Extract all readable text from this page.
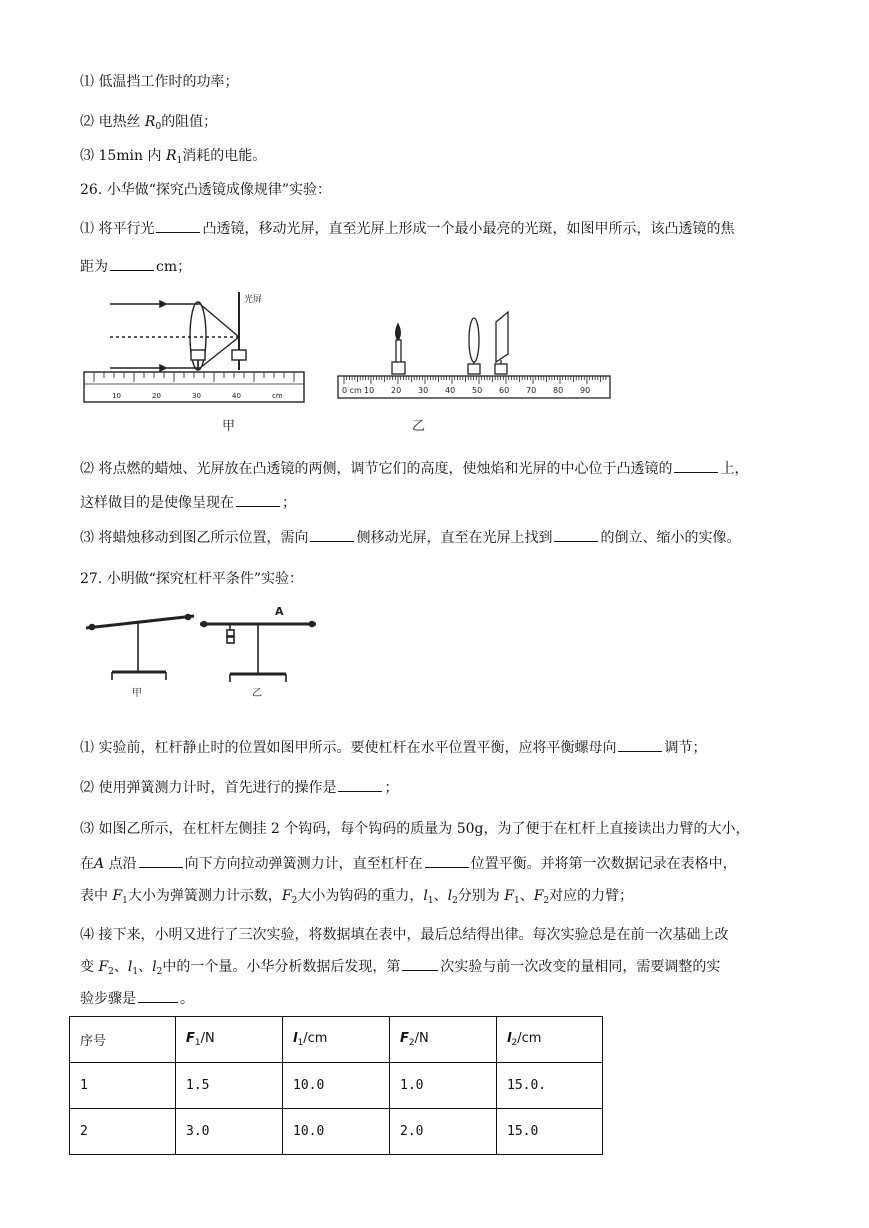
⑴ 低温挡工作时的功率；
⑵ 电热丝 $R_0$的阻值；
⑶ 15min 内 $R_1$消耗的电能。
26. 小华做“探究凸透镜成像规律”实验：
⑴ 将平行光	凸透镜，移动光屏，直至光屏上形成一个最小最亮的光斑，如图甲所示，该凸透镜的焦
距为	cm；
10	20	30	40	cm
光屏
甲
0 cm 10 20 30 40 50 60 70 80 90
乙
⑵ 将点燃的蜡烛、光屏放在凸透镜的两侧，调节它们的高度，使烛焰和光屏的中心位于凸透镜的	上，
这样做目的是使像呈现在	；
⑶ 将蜡烛移动到图乙所示位置，需向	侧移动光屏，直至在光屏上找到	的倒立、缩小的实像。
27. 小明做“探究杠杆平条件”实验：
A
甲	乙
⑴ 实验前，杠杆静止时的位置如图甲所示。要使杠杆在水平位置平衡，应将平衡螺母向	调节；
⑵ 使用弹簧测力计时，首先进行的操作是	；
⑶ 如图乙所示，在杠杆左侧挂 2 个钩码，每个钩码的质量为 50g，为了便于在杠杆上直接读出力臂的大小，
在A 点沿	向下方向拉动弹簧测力计，直至杠杆在	位置平衡。并将第一次数据记录在表格中，
表中 $F_1$大小为弹簧测力计示数，$F_2$大小为钩码的重力，$l_1$、$l_2$分别为 $F_1$、$F_2$对应的力臂；
⑷ 接下来，小明又进行了三次实验，将数据填在表中，最后总结得出律。每次实验总是在前一次基础上改
变 $F_2$、$l_1$、$l_2$中的一个量。小华分析数据后发现，第	次实验与前一次改变的量相同，需要调整的实
验步骤是	。
序号	$F_1/N$	$l_1/cm$	$F_2/N$	$l_2/cm$
1	1.5	10.0	1.0	15.0.
2	3.0	10.0	2.0	15.0
